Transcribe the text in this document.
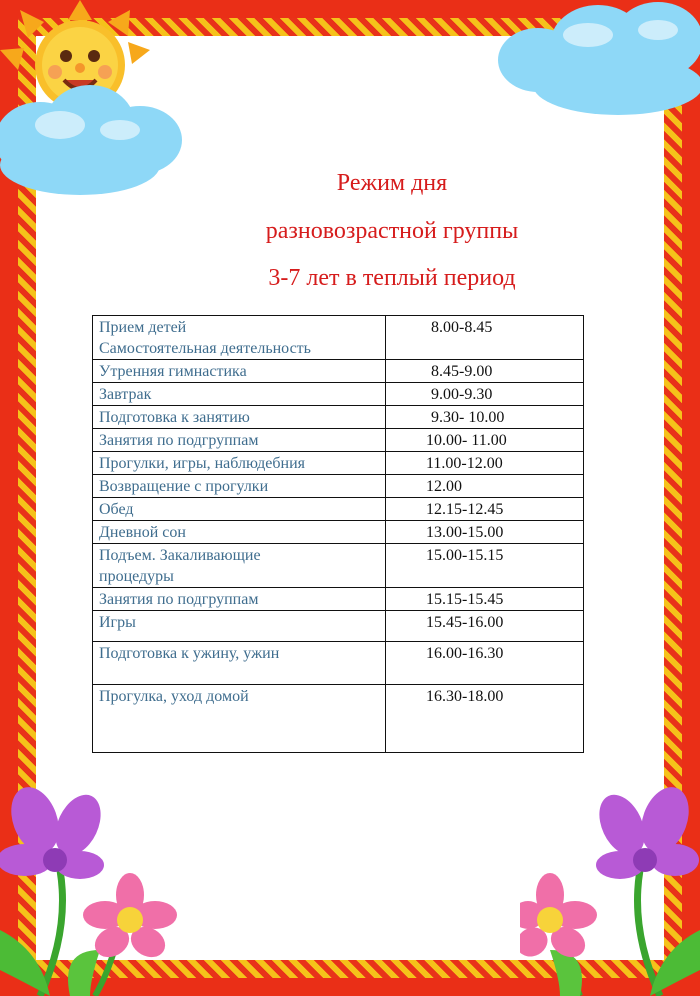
Режим дня
разновозрастной группы
3-7 лет в теплый период
Прием детей
Самостоятельная деятельность	8.00-8.45
Утренняя гимнастика	8.45-9.00
Завтрак	9.00-9.30
Подготовка к занятию	9.30- 10.00
Занятия по подгруппам	10.00- 11.00
Прогулки, игры, наблюдебния	11.00-12.00
Возвращение с прогулки	12.00
Обед	12.15-12.45
Дневной сон	13.00-15.00
Подъем. Закаливающие
процедуры	15.00-15.15
Занятия по подгруппам	15.15-15.45
Игры	15.45-16.00
Подготовка к ужину, ужин	16.00-16.30
Прогулка, уход домой	16.30-18.00
